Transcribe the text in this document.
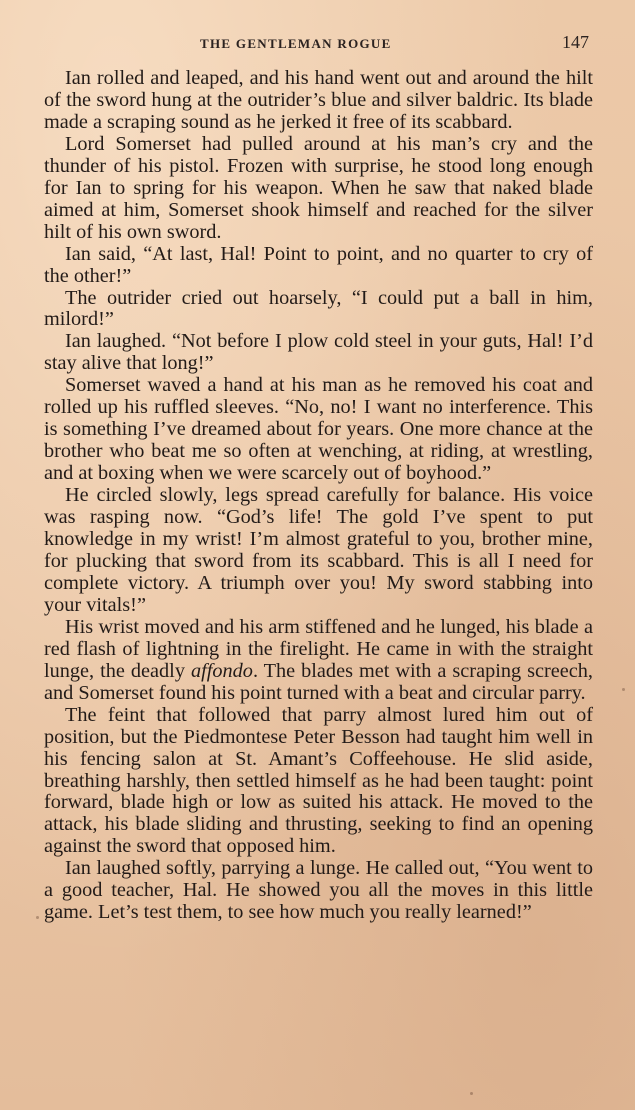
THE GENTLEMAN ROGUE	147

Ian rolled and leaped, and his hand went out and around the hilt of the sword hung at the outrider’s blue and silver baldric. Its blade made a scraping sound as he jerked it free of its scabbard.

Lord Somerset had pulled around at his man’s cry and the thunder of his pistol. Frozen with surprise, he stood long enough for Ian to spring for his weapon. When he saw that naked blade aimed at him, Somerset shook himself and reached for the silver hilt of his own sword.

Ian said, “At last, Hal! Point to point, and no quarter to cry of the other!”

The outrider cried out hoarsely, “I could put a ball in him, milord!”

Ian laughed. “Not before I plow cold steel in your guts, Hal! I’d stay alive that long!”

Somerset waved a hand at his man as he removed his coat and rolled up his ruffled sleeves. “No, no! I want no interference. This is something I’ve dreamed about for years. One more chance at the brother who beat me so often at wenching, at riding, at wrestling, and at boxing when we were scarcely out of boyhood.”

He circled slowly, legs spread carefully for balance. His voice was rasping now. “God’s life! The gold I’ve spent to put knowledge in my wrist! I’m almost grateful to you, brother mine, for plucking that sword from its scabbard. This is all I need for complete victory. A triumph over you! My sword stabbing into your vitals!”

His wrist moved and his arm stiffened and he lunged, his blade a red flash of lightning in the firelight. He came in with the straight lunge, the deadly affondo. The blades met with a scraping screech, and Somerset found his point turned with a beat and circular parry.

The feint that followed that parry almost lured him out of position, but the Piedmontese Peter Besson had taught him well in his fencing salon at St. Amant’s Coffeehouse. He slid aside, breathing harshly, then settled himself as he had been taught: point forward, blade high or low as suited his attack. He moved to the attack, his blade sliding and thrusting, seeking to find an opening against the sword that opposed him.

Ian laughed softly, parrying a lunge. He called out, “You went to a good teacher, Hal. He showed you all the moves in this little game. Let’s test them, to see how much you really learned!”
